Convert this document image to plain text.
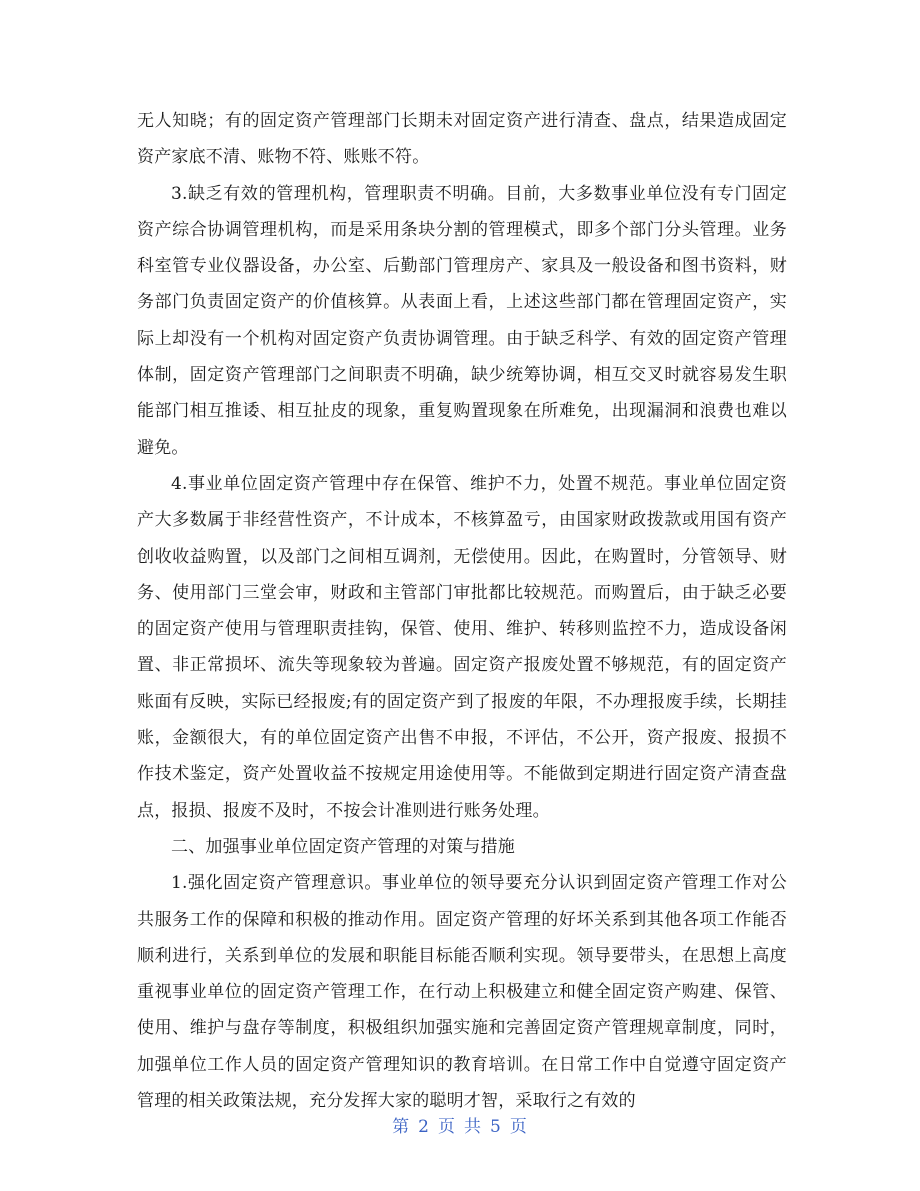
无人知晓；有的固定资产管理部门长期未对固定资产进行清查、盘点，结果造成固定资产家底不清、账物不符、账账不符。

3.缺乏有效的管理机构，管理职责不明确。目前，大多数事业单位没有专门固定资产综合协调管理机构，而是采用条块分割的管理模式，即多个部门分头管理。业务科室管专业仪器设备，办公室、后勤部门管理房产、家具及一般设备和图书资料，财务部门负责固定资产的价值核算。从表面上看，上述这些部门都在管理固定资产，实际上却没有一个机构对固定资产负责协调管理。由于缺乏科学、有效的固定资产管理体制，固定资产管理部门之间职责不明确，缺少统筹协调，相互交叉时就容易发生职能部门相互推诿、相互扯皮的现象，重复购置现象在所难免，出现漏洞和浪费也难以避免。

4.事业单位固定资产管理中存在保管、维护不力，处置不规范。事业单位固定资产大多数属于非经营性资产，不计成本，不核算盈亏，由国家财政拨款或用国有资产创收收益购置，以及部门之间相互调剂，无偿使用。因此，在购置时，分管领导、财务、使用部门三堂会审，财政和主管部门审批都比较规范。而购置后，由于缺乏必要的固定资产使用与管理职责挂钩，保管、使用、维护、转移则监控不力，造成设备闲置、非正常损坏、流失等现象较为普遍。固定资产报废处置不够规范，有的固定资产账面有反映，实际已经报废;有的固定资产到了报废的年限，不办理报废手续，长期挂账，金额很大，有的单位固定资产出售不申报，不评估，不公开，资产报废、报损不作技术鉴定，资产处置收益不按规定用途使用等。不能做到定期进行固定资产清查盘点，报损、报废不及时，不按会计准则进行账务处理。

二、加强事业单位固定资产管理的对策与措施

1.强化固定资产管理意识。事业单位的领导要充分认识到固定资产管理工作对公共服务工作的保障和积极的推动作用。固定资产管理的好坏关系到其他各项工作能否顺利进行，关系到单位的发展和职能目标能否顺利实现。领导要带头，在思想上高度重视事业单位的固定资产管理工作，在行动上积极建立和健全固定资产购建、保管、使用、维护与盘存等制度，积极组织加强实施和完善固定资产管理规章制度，同时，加强单位工作人员的固定资产管理知识的教育培训。在日常工作中自觉遵守固定资产管理的相关政策法规，充分发挥大家的聪明才智，采取行之有效的

第 2 页 共 5 页
